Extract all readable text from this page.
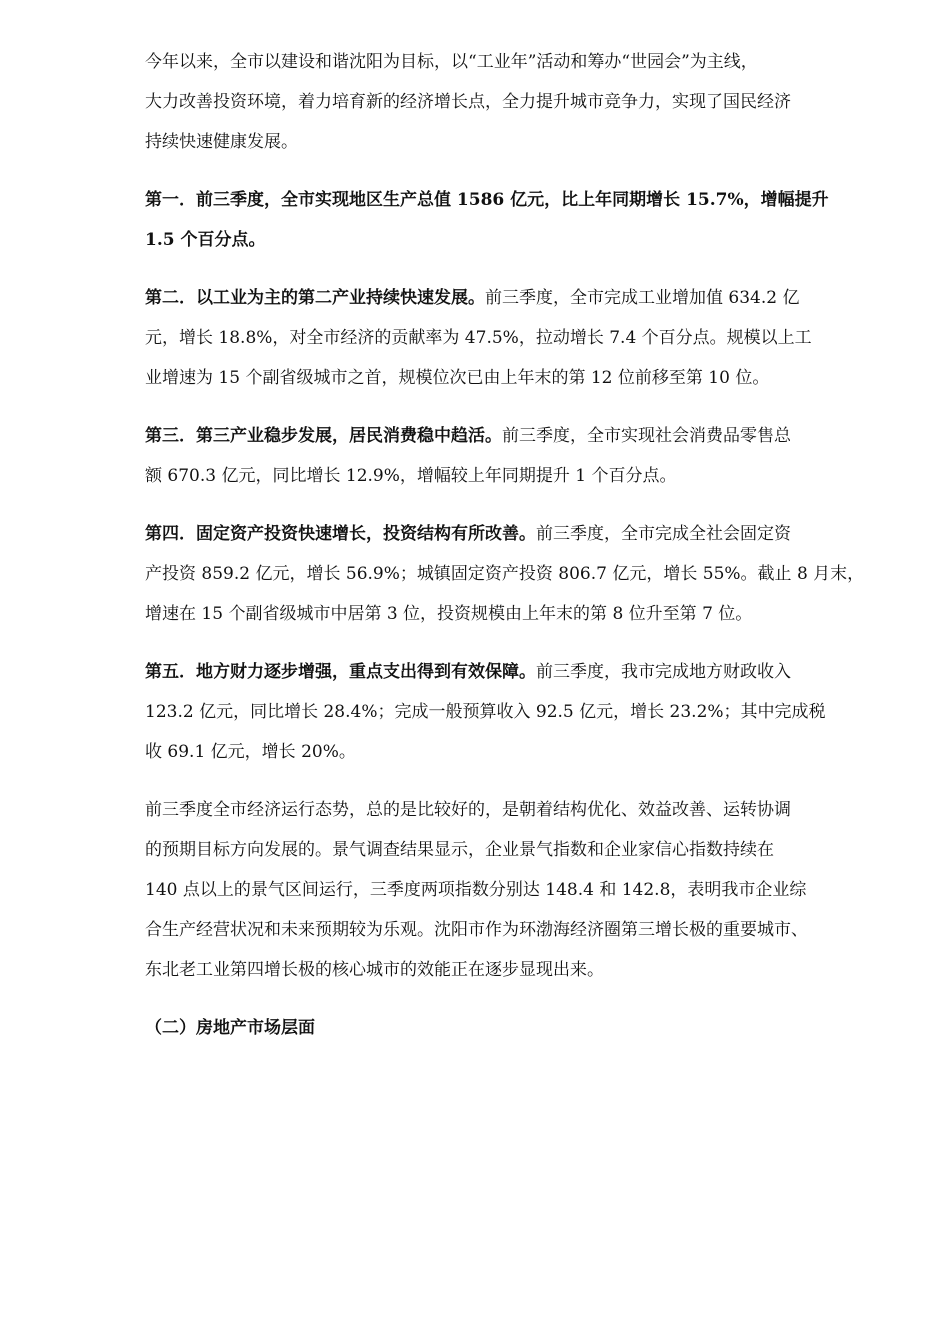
今年以来，全市以建设和谐沈阳为目标，以“工业年”活动和筹办“世园会”为主线，
大力改善投资环境，着力培育新的经济增长点，全力提升城市竞争力，实现了国民经济
持续快速健康发展。

第一．前三季度，全市实现地区生产总值 1586 亿元，比上年同期增长 15.7%，增幅提升
1.5 个百分点。

第二．以工业为主的第二产业持续快速发展。前三季度，全市完成工业增加值 634.2 亿
元，增长 18.8%，对全市经济的贡献率为 47.5%，拉动增长 7.4 个百分点。规模以上工
业增速为 15 个副省级城市之首，规模位次已由上年末的第 12 位前移至第 10 位。

第三．第三产业稳步发展，居民消费稳中趋活。前三季度，全市实现社会消费品零售总
额 670.3 亿元，同比增长 12.9%，增幅较上年同期提升 1 个百分点。

第四．固定资产投资快速增长，投资结构有所改善。前三季度，全市完成全社会固定资
产投资 859.2 亿元，增长 56.9%；城镇固定资产投资 806.7 亿元，增长 55%。截止 8 月末，
增速在 15 个副省级城市中居第 3 位，投资规模由上年末的第 8 位升至第 7 位。

第五．地方财力逐步增强，重点支出得到有效保障。前三季度，我市完成地方财政收入
123.2 亿元，同比增长 28.4%；完成一般预算收入 92.5 亿元，增长 23.2%；其中完成税
收 69.1 亿元，增长 20%。

前三季度全市经济运行态势，总的是比较好的，是朝着结构优化、效益改善、运转协调
的预期目标方向发展的。景气调查结果显示，企业景气指数和企业家信心指数持续在
140 点以上的景气区间运行，三季度两项指数分别达 148.4 和 142.8，表明我市企业综
合生产经营状况和未来预期较为乐观。沈阳市作为环渤海经济圈第三增长极的重要城市、
东北老工业第四增长极的核心城市的效能正在逐步显现出来。

（二）房地产市场层面
